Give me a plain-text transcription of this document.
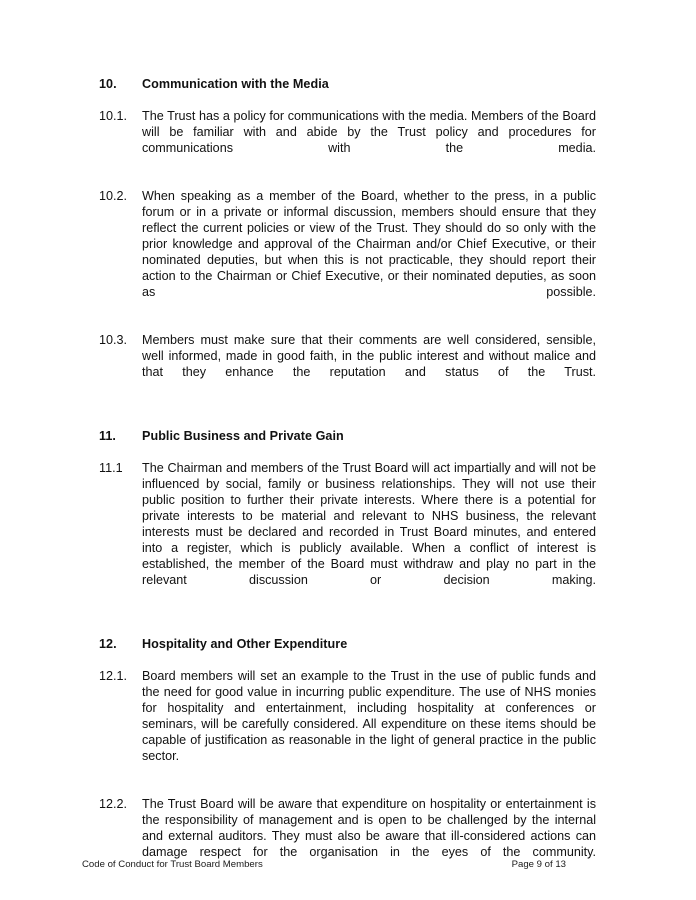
10.	Communication with the Media
10.1.	The Trust has a policy for communications with the media. Members of the Board will be familiar with and abide by the Trust policy and procedures for communications with the media.
10.2.	When speaking as a member of the Board, whether to the press, in a public forum or in a private or informal discussion, members should ensure that they reflect the current policies or view of the Trust. They should do so only with the prior knowledge and approval of the Chairman and/or Chief Executive, or their nominated deputies, but when this is not practicable, they should report their action to the Chairman or Chief Executive, or their nominated deputies, as soon as possible.
10.3.	Members must make sure that their comments are well considered, sensible, well informed, made in good faith, in the public interest and without malice and that they enhance the reputation and status of the Trust.
11.	Public Business and Private Gain
11.1	The Chairman and members of the Trust Board will act impartially and will not be influenced by social, family or business relationships. They will not use their public position to further their private interests. Where there is a potential for private interests to be material and relevant to NHS business, the relevant interests must be declared and recorded in Trust Board minutes, and entered into a register, which is publicly available. When a conflict of interest is established, the member of the Board must withdraw and play no part in the relevant discussion or decision making.
12.	Hospitality and Other Expenditure
12.1.	Board members will set an example to the Trust in the use of public funds and the need for good value in incurring public expenditure. The use of NHS monies for hospitality and entertainment, including hospitality at conferences or seminars, will be carefully considered. All expenditure on these items should be capable of justification as reasonable in the light of general practice in the public sector.
12.2.	The Trust Board will be aware that expenditure on hospitality or entertainment is the responsibility of management and is open to be challenged by the internal and external auditors. They must also be aware that ill-considered actions can damage respect for the organisation in the eyes of the community.
Code of Conduct for Trust Board Members	Page 9 of 13
